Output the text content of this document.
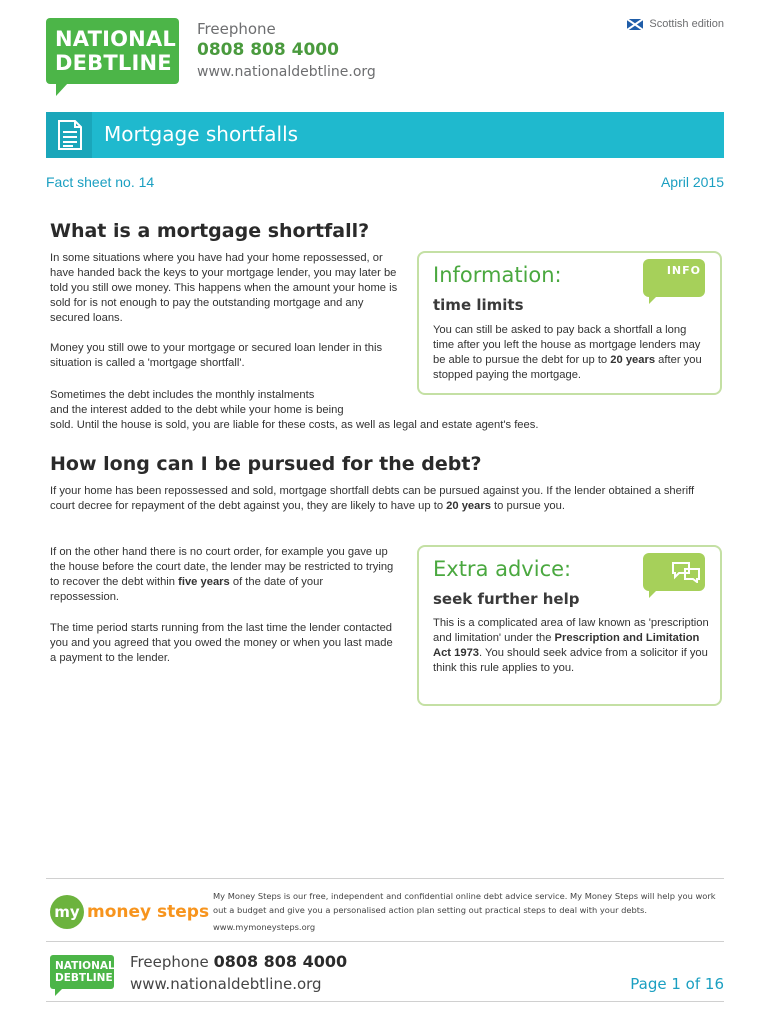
NATIONAL
DEBTLINE
Freephone
0808 808 4000
www.nationaldebtline.org
Scottish edition
Mortgage shortfalls
Fact sheet no. 14	April 2015
What is a mortgage shortfall?

In some situations where you have had your home repossessed, or have handed back the keys to your mortgage lender, you may later be told you still owe money. This happens when the amount your home is sold for is not enough to pay the outstanding mortgage and any secured loans.

Money you still owe to your mortgage or secured loan lender in this situation is called a 'mortgage shortfall'.

Sometimes the debt includes the monthly instalments
and the interest added to the debt while your home is being
sold. Until the house is sold, you are liable for these costs, as well as legal and estate agent's fees.
Information:	INFO
time limits

You can still be asked to pay back a shortfall a long time after you left the house as mortgage lenders may be able to pursue the debt for up to 20 years after you stopped paying the mortgage.

How long can I be pursued for the debt?

If your home has been repossessed and sold, mortgage shortfall debts can be pursued against you. If the lender obtained a sheriff court decree for repayment of the debt against you, they are likely to have up to 20 years to pursue you.

If on the other hand there is no court order, for example you gave up the house before the court date, the lender may be restricted to trying to recover the debt within five years of the date of your repossession.

The time period starts running from the last time the lender contacted you and you agreed that you owed the money or when you last made a payment to the lender.

Extra advice:
seek further help

This is a complicated area of law known as 'prescription and limitation' under the Prescription and Limitation Act 1973. You should seek advice from a solicitor if you think this rule applies to you.

my money steps
My Money Steps is our free, independent and confidential online debt advice service. My Money Steps will help you work out a budget and give you a personalised action plan setting out practical steps to deal with your debts.
www.mymoneysteps.org
NATIONAL
DEBTLINE
Freephone 0808 808 4000
www.nationaldebtline.org	Page 1 of 16
